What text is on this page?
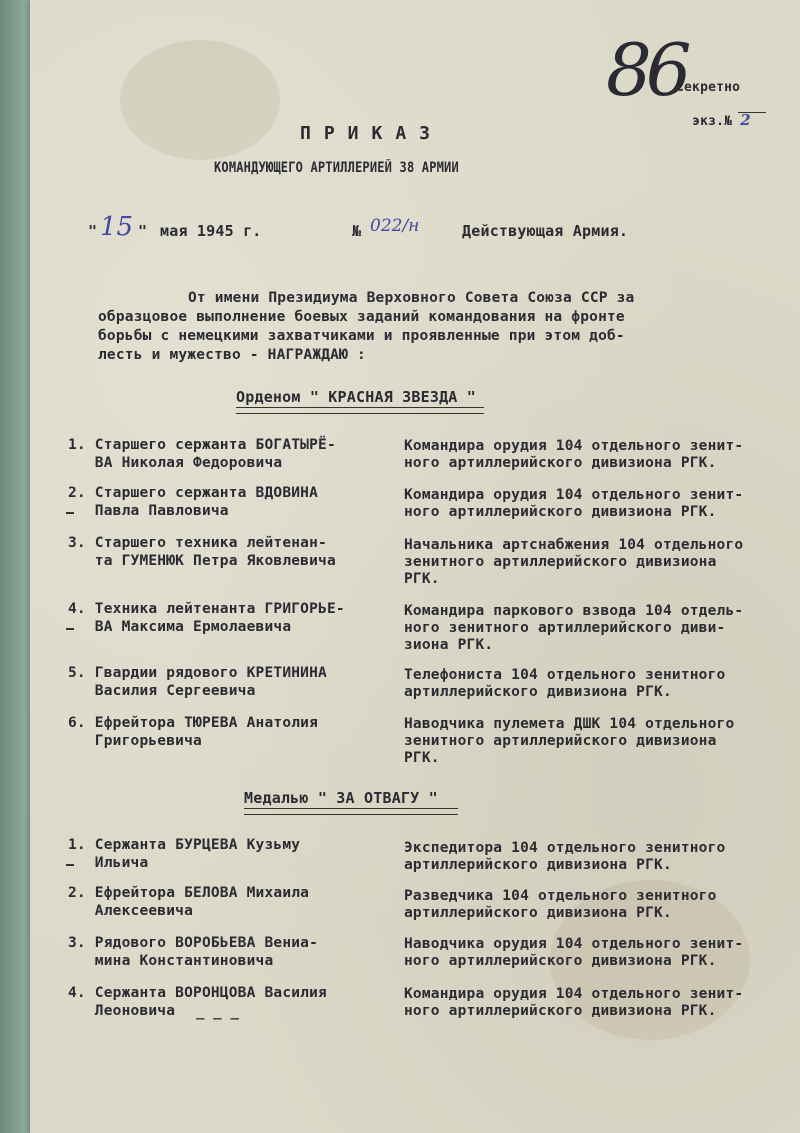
86
Секретно

экз.№ 2

ПРИКАЗ
КОМАНДУЮЩЕГО АРТИЛЛЕРИЕЙ 38 АРМИИ
" 15 " мая 1945 г.	№ 022/н	Действующая Армия.
От имени Президиума Верховного Совета Союза ССР за
образцовое выполнение боевых заданий командования на фронте
борьбы с немецкими захватчиками и проявленные при этом доб-
лесть и мужество - НАГРАЖДАЮ :
Орденом " КРАСНАЯ ЗВЕЗДА "
1. Старшего сержанта БОГАТЫРЁ-
ВА Николая Федоровича
Командира орудия 104 отдельного зенит-
ного артиллерийского дивизиона РГК.
2. Старшего сержанта ВДОВИНА
Павла Павловича
Командира орудия 104 отдельного зенит-
ного артиллерийского дивизиона РГК.
3. Старшего техника лейтенан-
та ГУМЕНЮК Петра Яковлевича
Начальника артснабжения 104 отдельного
зенитного артиллерийского дивизиона
РГК.
4. Техника лейтенанта ГРИГОРЬЕ-
ВА Максима Ермолаевича
Командира паркового взвода 104 отдель-
ного зенитного артиллерийского диви-
зиона РГК.
5. Гвардии рядового КРЕТИНИНА
Василия Сергеевича
Телефониста 104 отдельного зенитного
артиллерийского дивизиона РГК.
6. Ефрейтора ТЮРЕВА Анатолия
Григорьевича
Наводчика пулемета ДШК 104 отдельного
зенитного артиллерийского дивизиона
РГК.
Медалью " ЗА ОТВАГУ "
1. Сержанта БУРЦЕВА Кузьму
Ильича
Экспедитора 104 отдельного зенитного
артиллерийского дивизиона РГК.
2. Ефрейтора БЕЛОВА Михаила
Алексеевича
Разведчика 104 отдельного зенитного
артиллерийского дивизиона РГК.
3. Рядового ВОРОБЬЕВА Вениа-
мина Константиновича
Наводчика орудия 104 отдельного зенит-
ного артиллерийского дивизиона РГК.
4. Сержанта ВОРОНЦОВА Василия
Леоновича _ _ _
Командира орудия 104 отдельного зенит-
ного артиллерийского дивизиона РГК.
